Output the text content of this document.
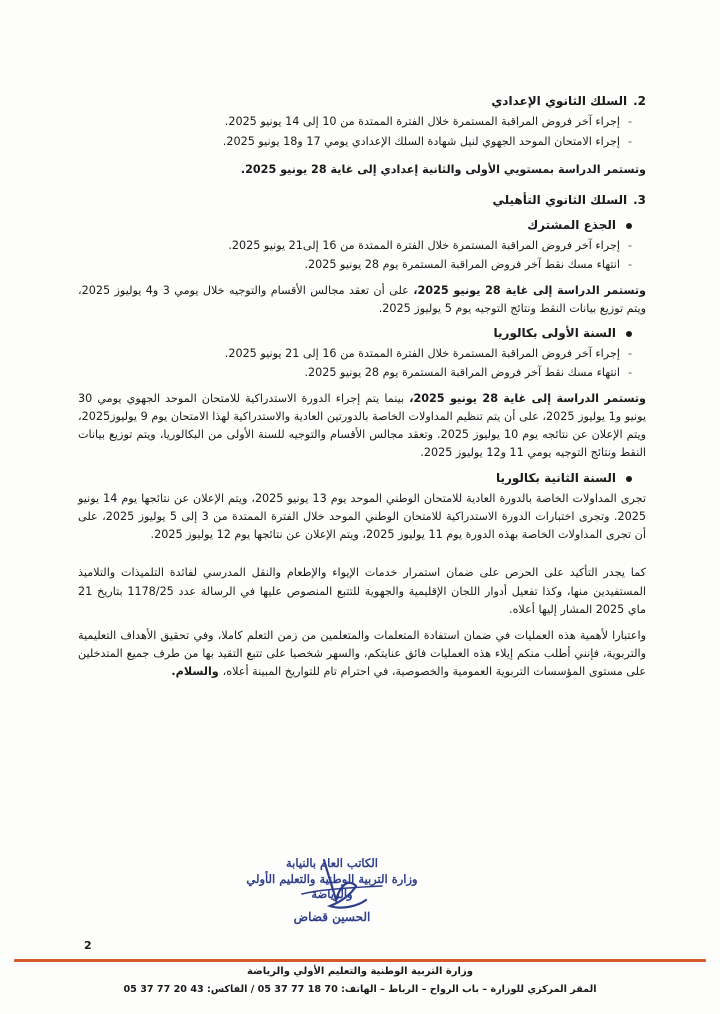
2.السلك الثانوي الإعدادي
- إجراء آخر فروض المراقبة المستمرة خلال الفترة الممتدة من 10 إلى 14 يونيو 2025.
- إجراء الامتحان الموحد الجهوي لنيل شهادة السلك الإعدادي يومي 17 و18 يونيو 2025.
وتستمر الدراسة بمستويي الأولى والثانية إعدادي إلى غاية 28 يونيو 2025.
3.السلك الثانوي التأهيلي
الجذع المشترك
- إجراء آخر فروض المراقبة المستمرة خلال الفترة الممتدة من 16 إلى21 يونيو 2025.
- انتهاء مسك نقط آخر فروض المراقبة المستمرة يوم 28 يونيو 2025.
وتستمر الدراسة إلى غاية 28 يونيو 2025، على أن تعقد مجالس الأقسام والتوجيه خلال يومي 3 و4 يوليوز 2025، ويتم توزيع بيانات النقط ونتائج التوجيه يوم 5 يوليوز 2025.
السنة الأولى بكالوريا
- إجراء آخر فروض المراقبة المستمرة خلال الفترة الممتدة من 16 إلى 21 يونيو 2025.
- انتهاء مسك نقط آخر فروض المراقبة المستمرة يوم 28 يونيو 2025.
وتستمر الدراسة إلى غاية 28 يونيو 2025، بينما يتم إجراء الدورة الاستدراكية للامتحان الموحد الجهوي يومي 30 يونيو و1 يوليوز 2025، على أن يتم تنظيم المداولات الخاصة بالدورتين العادية والاستدراكية لهذا الامتحان يوم 9 يوليوز2025، ويتم الإعلان عن نتائجه يوم 10 يوليوز 2025. وتعقد مجالس الأقسام والتوجيه للسنة الأولى من البكالوريا، ويتم توزيع بيانات النقط ونتائج التوجيه يومي 11 و12 يوليوز 2025.
السنة الثانية بكالوريا
تجرى المداولات الخاصة بالدورة العادية للامتحان الوطني الموحد يوم 13 يونيو 2025، ويتم الإعلان عن نتائجها يوم 14 يونيو 2025. وتجرى اختبارات الدورة الاستدراكية للامتحان الوطني الموحد خلال الفترة الممتدة من 3 إلى 5 يوليوز 2025، على أن تجرى المداولات الخاصة بهذه الدورة يوم 11 يوليوز 2025، ويتم الإعلان عن نتائجها يوم 12 يوليوز 2025.
كما يجدر التأكيد على الحرص على ضمان استمرار خدمات الإيواء والإطعام والنقل المدرسي لفائدة التلميذات والتلاميذ المستفيدين منها، وكذا تفعيل أدوار اللجان الإقليمية والجهوية للتتبع المنصوص عليها في الرسالة عدد 1178/25 بتاريخ 21 ماي 2025 المشار إليها أعلاه.
واعتبارا لأهمية هذه العمليات في ضمان استفادة المتعلمات والمتعلمين من زمن التعلم كاملا، وفي تحقيق الأهداف التعليمية والتربوية، فإنني أطلب منكم إيلاء هذه العمليات فائق عنايتكم، والسهر شخصيا على تتبع التقيد بها من طرف جميع المتدخلين على مستوى المؤسسات التربوية العمومية والخصوصية، في احترام تام للتواريخ المبينة أعلاه، والسلام.
الكاتب العام بالنيابة
وزارة التربية الوطنية والتعليم الأولي
والرياضة
الحسين قضاض
2
وزارة التربية الوطنية والتعليم الأولي والرياضة
المقر المركزي للوزارة – باب الرواح – الرباط – الهاتف: 70 18 77 37 05 / الفاكس: 43 20 77 37 05
